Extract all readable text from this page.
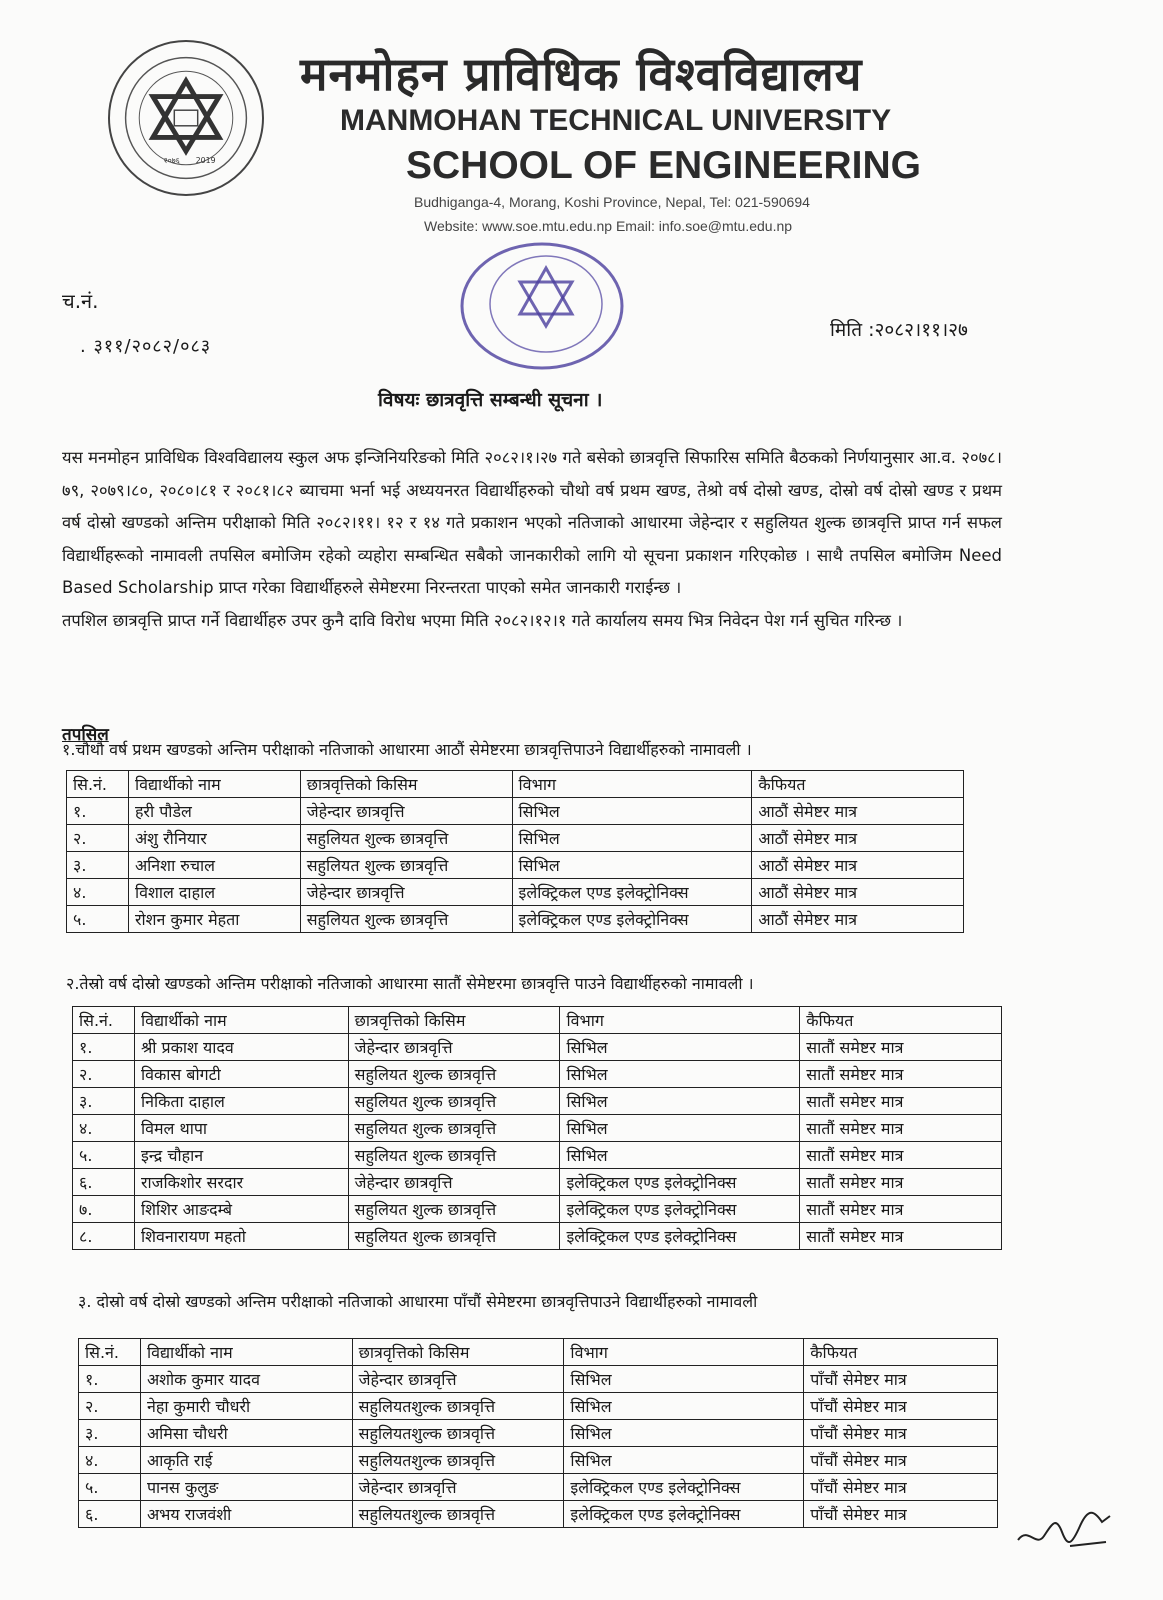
२०७६ 2019
मनमोहन प्राविधिक विश्वविद्यालय
MANMOHAN TECHNICAL UNIVERSITY
SCHOOL OF ENGINEERING
Budhiganga-4, Morang, Koshi Province, Nepal, Tel: 021-590694
Website: www.soe.mtu.edu.np Email: info.soe@mtu.edu.np
च.नं.
. ३११/२०८२/०८३
मिति :२०८२।११।२७
विषयः छात्रवृत्ति सम्बन्धी सूचना ।

यस मनमोहन प्राविधिक विश्वविद्यालय स्कुल अफ इन्जिनियरिङको मिति २०८२।१।२७ गते बसेको छात्रवृत्ति सिफारिस समिति बैठकको निर्णयानुसार आ.व. २०७८।७९, २०७९।८०, २०८०।८१ र २०८१।८२ ब्याचमा भर्ना भई अध्ययनरत विद्यार्थीहरुको चौथो वर्ष प्रथम खण्ड, तेश्रो वर्ष दोस्रो खण्ड, दोस्रो वर्ष दोस्रो खण्ड र प्रथम वर्ष दोस्रो खण्डको अन्तिम परीक्षाको मिति २०८२।११। १२ र १४ गते प्रकाशन भएको नतिजाको आधारमा जेहेन्दार र सहुलियत शुल्क छात्रवृत्ति प्राप्त गर्न सफल विद्यार्थीहरूको नामावली तपसिल बमोजिम रहेको व्यहोरा सम्बन्धित सबैको जानकारीको लागि यो सूचना प्रकाशन गरिएकोछ । साथै तपसिल बमोजिम Need Based Scholarship प्राप्त गरेका विद्यार्थीहरुले सेमेष्टरमा निरन्तरता पाएको समेत जानकारी गराईन्छ ।

तपशिल छात्रवृत्ति प्राप्त गर्ने विद्यार्थीहरु उपर कुनै दावि विरोध भएमा मिति २०८२।१२।१ गते कार्यालय समय भित्र निवेदन पेश गर्न सुचित गरिन्छ ।

तपसिल
१.चौथौ वर्ष प्रथम खण्डको अन्तिम परीक्षाको नतिजाको आधारमा आठौं सेमेष्टरमा छात्रवृत्तिपाउने विद्यार्थीहरुको नामावली ।
सि.नं.	विद्यार्थीको नाम	छात्रवृत्तिको किसिम	विभाग	कैफियत
१.	हरी पौडेल	जेहेन्दार छात्रवृत्ति	सिभिल	आठौं सेमेष्टर मात्र
२.	अंशु रौनियार	सहुलियत शुल्क छात्रवृत्ति	सिभिल	आठौं सेमेष्टर मात्र
३.	अनिशा रुचाल	सहुलियत शुल्क छात्रवृत्ति	सिभिल	आठौं सेमेष्टर मात्र
४.	विशाल दाहाल	जेहेन्दार छात्रवृत्ति	इलेक्ट्रिकल एण्ड इलेक्ट्रोनिक्स	आठौं सेमेष्टर मात्र
५.	रोशन कुमार मेहता	सहुलियत शुल्क छात्रवृत्ति	इलेक्ट्रिकल एण्ड इलेक्ट्रोनिक्स	आठौं सेमेष्टर मात्र
२.तेस्रो वर्ष दोस्रो खण्डको अन्तिम परीक्षाको नतिजाको आधारमा सातौं सेमेष्टरमा छात्रवृत्ति पाउने विद्यार्थीहरुको नामावली ।
सि.नं.	विद्यार्थीको नाम	छात्रवृत्तिको किसिम	विभाग	कैफियत
१.	श्री प्रकाश यादव	जेहेन्दार छात्रवृत्ति	सिभिल	सातौं समेष्टर मात्र
२.	विकास बोगटी	सहुलियत शुल्क छात्रवृत्ति	सिभिल	सातौं समेष्टर मात्र
३.	निकिता दाहाल	सहुलियत शुल्क छात्रवृत्ति	सिभिल	सातौं समेष्टर मात्र
४.	विमल थापा	सहुलियत शुल्क छात्रवृत्ति	सिभिल	सातौं समेष्टर मात्र
५.	इन्द्र चौहान	सहुलियत शुल्क छात्रवृत्ति	सिभिल	सातौं समेष्टर मात्र
६.	राजकिशोर सरदार	जेहेन्दार छात्रवृत्ति	इलेक्ट्रिकल एण्ड इलेक्ट्रोनिक्स	सातौं समेष्टर मात्र
७.	शिशिर आङदम्बे	सहुलियत शुल्क छात्रवृत्ति	इलेक्ट्रिकल एण्ड इलेक्ट्रोनिक्स	सातौं समेष्टर मात्र
८.	शिवनारायण महतो	सहुलियत शुल्क छात्रवृत्ति	इलेक्ट्रिकल एण्ड इलेक्ट्रोनिक्स	सातौं समेष्टर मात्र
३. दोस्रो वर्ष दोस्रो खण्डको अन्तिम परीक्षाको नतिजाको आधारमा पाँचौं सेमेष्टरमा छात्रवृत्तिपाउने विद्यार्थीहरुको नामावली
सि.नं.	विद्यार्थीको नाम	छात्रवृत्तिको किसिम	विभाग	कैफियत
१.	अशोक कुमार यादव	जेहेन्दार छात्रवृत्ति	सिभिल	पाँचौं सेमेष्टर मात्र
२.	नेहा कुमारी चौधरी	सहुलियतशुल्क छात्रवृत्ति	सिभिल	पाँचौं सेमेष्टर मात्र
३.	अमिसा चौधरी	सहुलियतशुल्क छात्रवृत्ति	सिभिल	पाँचौं सेमेष्टर मात्र
४.	आकृति राई	सहुलियतशुल्क छात्रवृत्ति	सिभिल	पाँचौं सेमेष्टर मात्र
५.	पानस कुलुङ	जेहेन्दार छात्रवृत्ति	इलेक्ट्रिकल एण्ड इलेक्ट्रोनिक्स	पाँचौं सेमेष्टर मात्र
६.	अभय राजवंशी	सहुलियतशुल्क छात्रवृत्ति	इलेक्ट्रिकल एण्ड इलेक्ट्रोनिक्स	पाँचौं सेमेष्टर मात्र
